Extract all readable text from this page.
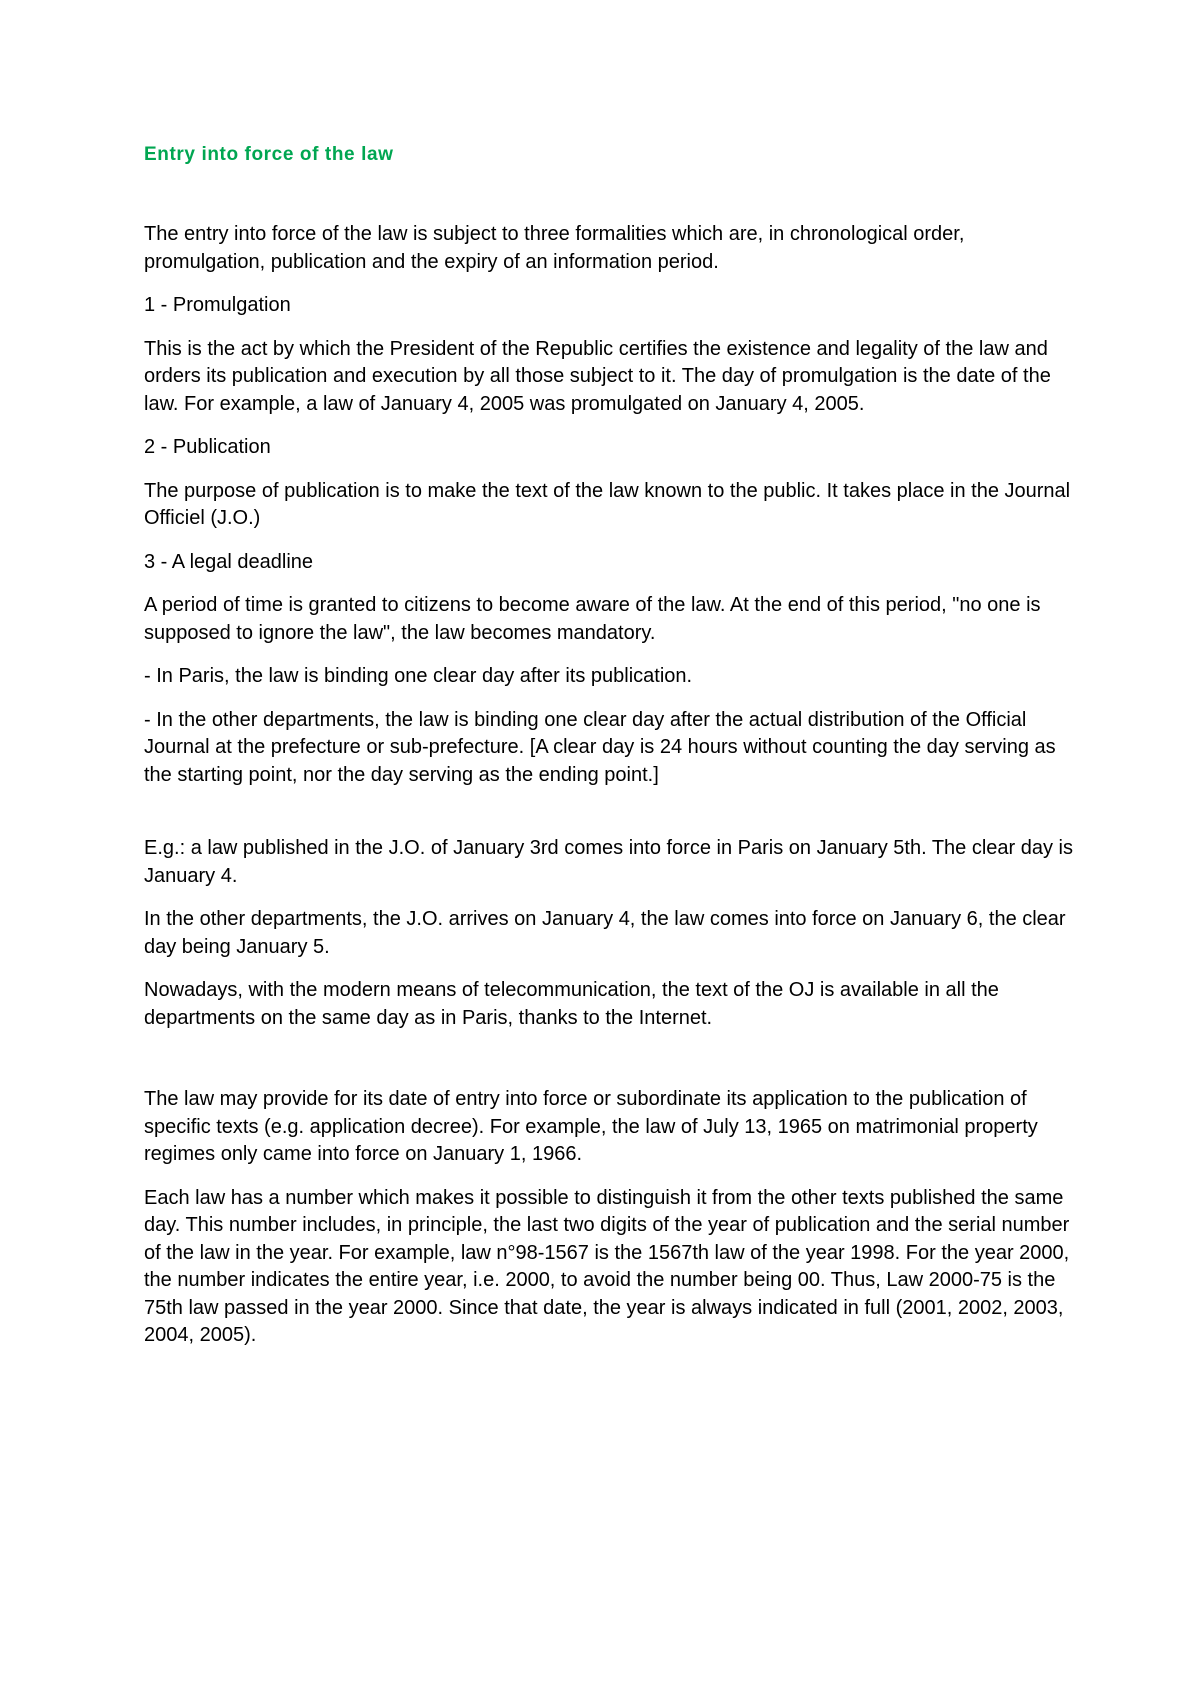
Entry into force of the law

The entry into force of the law is subject to three formalities which are, in chronological order, promulgation, publication and the expiry of an information period.

1 - Promulgation

This is the act by which the President of the Republic certifies the existence and legality of the law and orders its publication and execution by all those subject to it. The day of promulgation is the date of the law. For example, a law of January 4, 2005 was promulgated on January 4, 2005.

2 - Publication

The purpose of publication is to make the text of the law known to the public. It takes place in the Journal Officiel (J.O.)

3 - A legal deadline

A period of time is granted to citizens to become aware of the law. At the end of this period, "no one is supposed to ignore the law", the law becomes mandatory.

- In Paris, the law is binding one clear day after its publication.

- In the other departments, the law is binding one clear day after the actual distribution of the Official Journal at the prefecture or sub-prefecture. [A clear day is 24 hours without counting the day serving as the starting point, nor the day serving as the ending point.]

E.g.: a law published in the J.O. of January 3rd comes into force in Paris on January 5th. The clear day is January 4.

In the other departments, the J.O. arrives on January 4, the law comes into force on January 6, the clear day being January 5.

Nowadays, with the modern means of telecommunication, the text of the OJ is available in all the departments on the same day as in Paris, thanks to the Internet.

The law may provide for its date of entry into force or subordinate its application to the publication of specific texts (e.g. application decree). For example, the law of July 13, 1965 on matrimonial property regimes only came into force on January 1, 1966.

Each law has a number which makes it possible to distinguish it from the other texts published the same day. This number includes, in principle, the last two digits of the year of publication and the serial number of the law in the year. For example, law n°98-1567 is the 1567th law of the year 1998. For the year 2000, the number indicates the entire year, i.e. 2000, to avoid the number being 00. Thus, Law 2000-75 is the 75th law passed in the year 2000. Since that date, the year is always indicated in full (2001, 2002, 2003, 2004, 2005).
